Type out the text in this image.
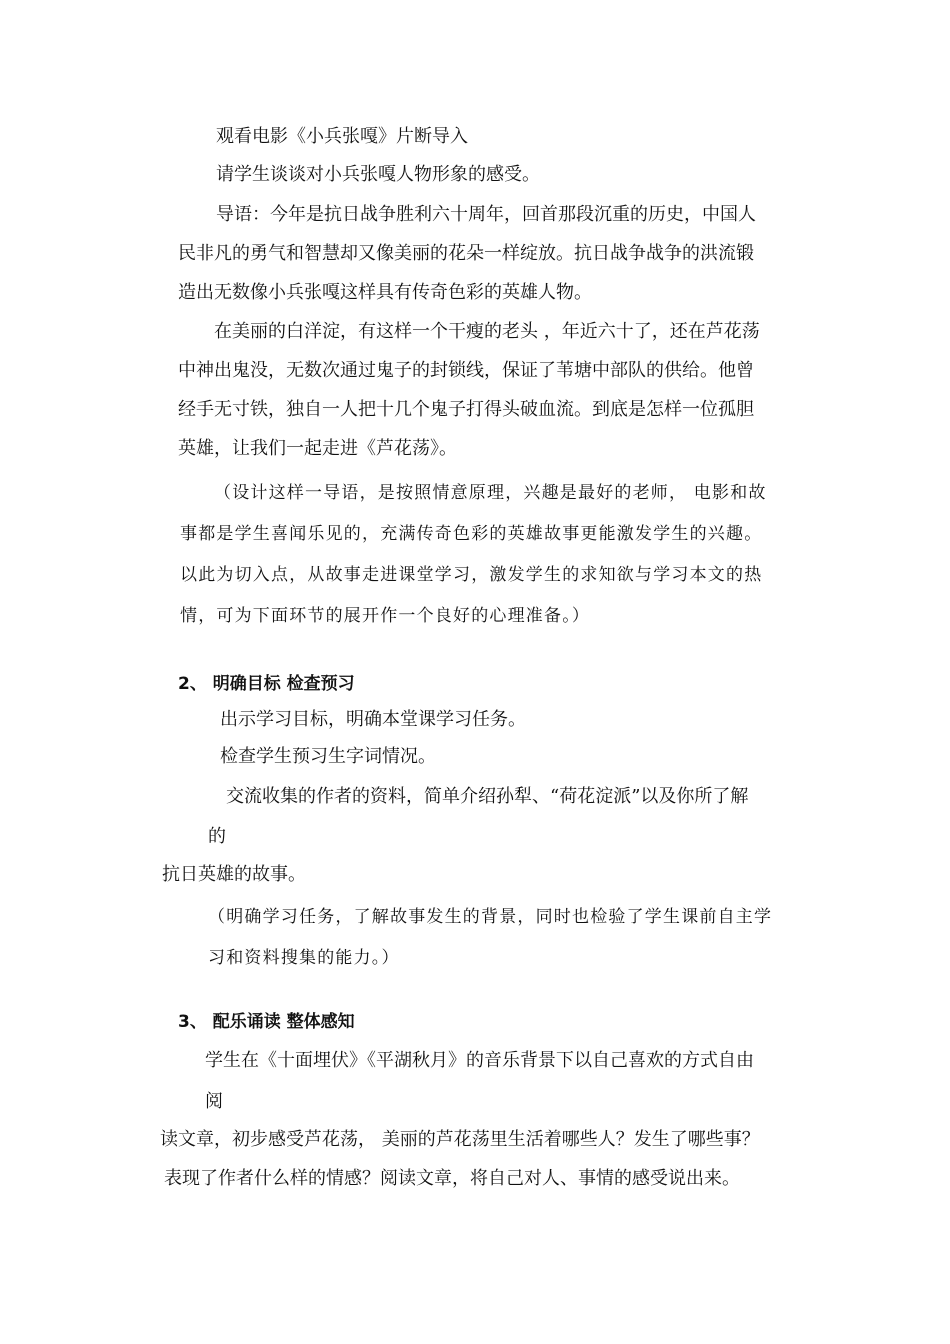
观看电影《小兵张嘎》片断导入

请学生谈谈对小兵张嘎人物形象的感受。

导语：今年是抗日战争胜利六十周年，回首那段沉重的历史，中国人

民非凡的勇气和智慧却又像美丽的花朵一样绽放。抗日战争战争的洪流锻

造出无数像小兵张嘎这样具有传奇色彩的英雄人物。

在美丽的白洋淀，有这样一个干瘦的老头 ，年近六十了，还在芦花荡

中神出鬼没，无数次通过鬼子的封锁线，保证了苇塘中部队的供给。他曾

经手无寸铁，独自一人把十几个鬼子打得头破血流。到底是怎样一位孤胆

英雄，让我们一起走进《芦花荡》。

（设计这样一导语，是按照情意原理，兴趣是最好的老师， 电影和故

事都是学生喜闻乐见的，充满传奇色彩的英雄故事更能激发学生的兴趣。

以此为切入点，从故事走进课堂学习，激发学生的求知欲与学习本文的热

情，可为下面环节的展开作一个良好的心理准备。）

2、 明确目标 检查预习

出示学习目标，明确本堂课学习任务。

检查学生预习生字词情况。

交流收集的作者的资料，简单介绍孙犁、“荷花淀派”以及你所了解

的

抗日英雄的故事。

（明确学习任务，了解故事发生的背景，同时也检验了学生课前自主学

习和资料搜集的能力。）

3、 配乐诵读 整体感知

学生在《十面埋伏》《平湖秋月》的音乐背景下以自己喜欢的方式自由

阅

读文章，初步感受芦花荡， 美丽的芦花荡里生活着哪些人？发生了哪些事？

表现了作者什么样的情感？阅读文章，将自己对人、事情的感受说出来。
